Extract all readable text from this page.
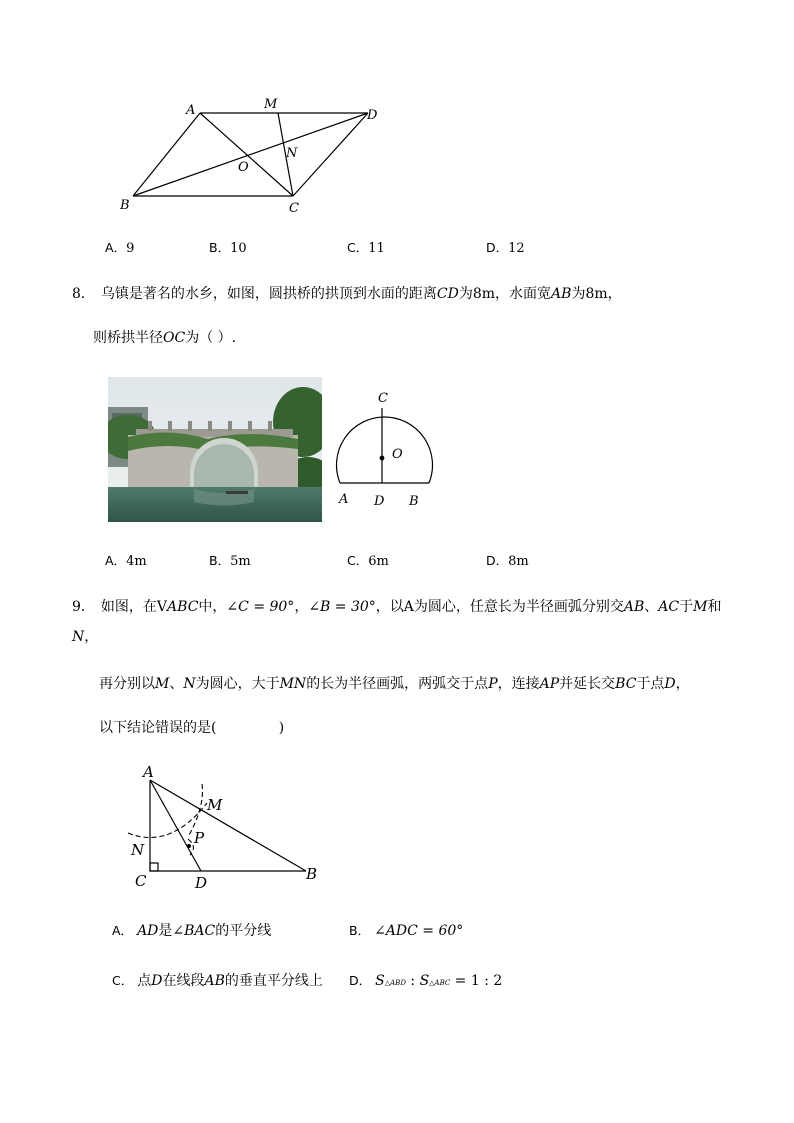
A	M
D
O
N
B	C
A．9	B．10	C．11	D．12
8． 乌镇是著名的水乡，如图，圆拱桥的拱顶到水面的距离CD为8m，水面宽AB为8m，
则桥拱半径OC为（ ）.
C
O
A D B
A．4m	B．5m	C．6m	D．8m
9． 如图，在VABC中，∠C = 90°，∠B = 30°，以A为圆心，任意长为半径画弧分别交AB、AC于M和
N，
再分别以M、N为圆心，大于MN的长为半径画弧，两弧交于点P，连接AP并延长交BC于点D，
以下结论错误的是(	)
A
M
P
N
C	D	B
A． AD是∠BAC的平分线	B． ∠ADC = 60°
C． 点D在线段AB的垂直平分线上 D． S△ABD : S△ABC = 1 : 2
